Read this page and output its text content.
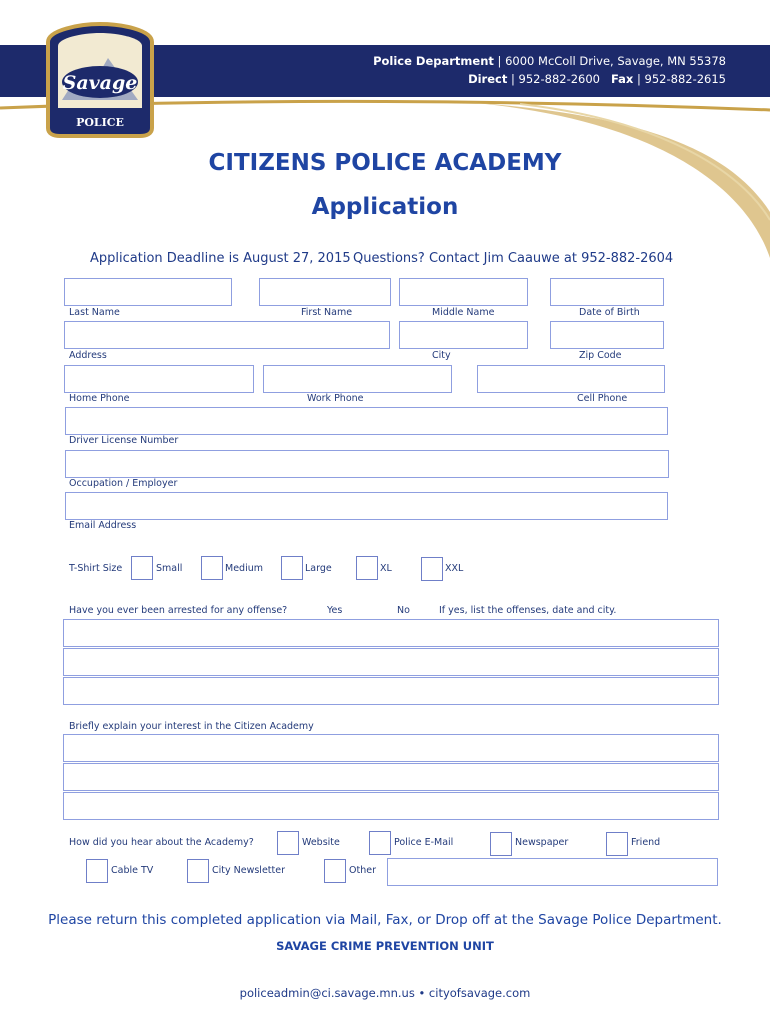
Savage
POLICE
Police Department | 6000 McColl Drive, Savage, MN 55378
Direct | 952-882-2600 Fax | 952-882-2615
CITIZENS POLICE ACADEMY
Application
Application Deadline is August 27, 2015 Questions? Contact Jim Caauwe at 952-882-2604
Last Name	First Name	Middle Name	Date of Birth
Address	City	Zip Code
Home Phone	Work Phone	Cell Phone
Driver License Number
Occupation / Employer
Email Address
T-Shirt Size	Small	Medium	Large	XL	XXL
Have you ever been arrested for any offense?	Yes	No	If yes, list the offenses, date and city.
Briefly explain your interest in the Citizen Academy
How did you hear about the Academy?	Website	Police E-Mail	Newspaper	Friend
Cable TV	City Newsletter	Other
Please return this completed application via Mail, Fax, or Drop off at the Savage Police Department.
SAVAGE CRIME PREVENTION UNIT
policeadmin@ci.savage.mn.us • cityofsavage.com
